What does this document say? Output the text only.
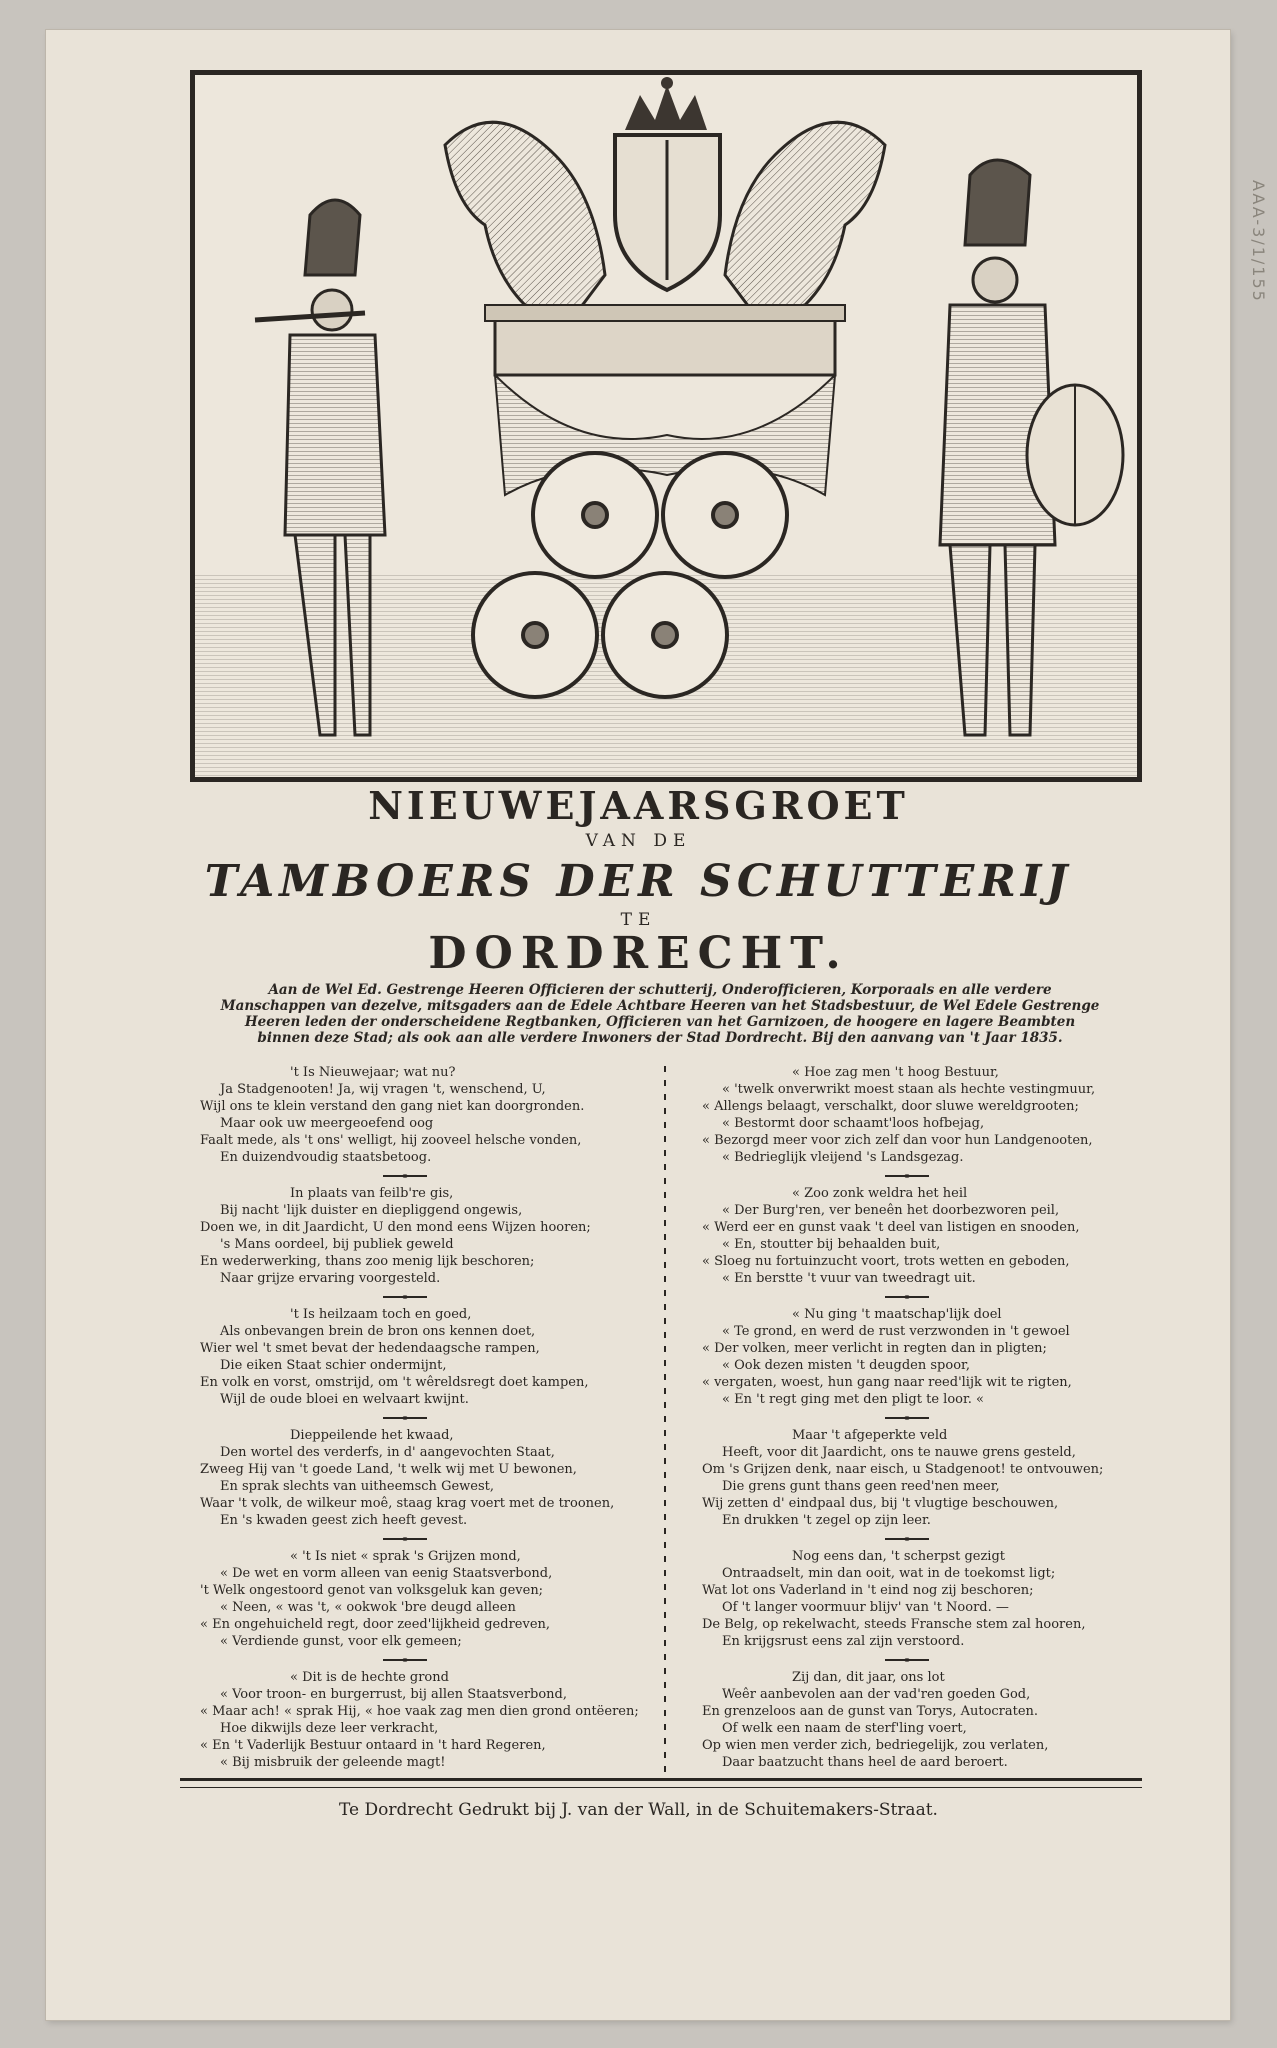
AAA-3/1/155
NIEUWEJAARSGROET
VAN DE
TAMBOERS DER SCHUTTERIJ
TE
DORDRECHT.
Aan de Wel Ed. Gestrenge Heeren Officieren der schutterij, Onderofficieren, Korporaals en alle verdere Manschappen van dezelve, mitsgaders aan de Edele Achtbare Heeren van het Stadsbestuur, de Wel Edele Gestrenge Heeren leden der onderscheidene Regtbanken, Officieren van het Garnizoen, de hoogere en lagere Beambten binnen deze Stad; als ook aan alle verdere Inwoners der Stad Dordrecht. Bij den aanvang van 't Jaar 1835.
't Is Nieuwejaar; wat nu?
Ja Stadgenooten! Ja, wij vragen 't, wenschend, U,
Wijl ons te klein verstand den gang niet kan doorgronden.
Maar ook uw meergeoefend oog
Faalt mede, als 't ons' welligt, hij zooveel helsche vonden,
En duizendvoudig staatsbetoog.
In plaats van feilb're gis,
Bij nacht 'lijk duister en diepliggend ongewis,
Doen we, in dit Jaardicht, U den mond eens Wijzen hooren;
's Mans oordeel, bij publiek geweld
En wederwerking, thans zoo menig lijk beschoren;
Naar grijze ervaring voorgesteld.
't Is heilzaam toch en goed,
Als onbevangen brein de bron ons kennen doet,
Wier wel 't smet bevat der hedendaagsche rampen,
Die eiken Staat schier ondermijnt,
En volk en vorst, omstrijd, om 't wêreldsregt doet kampen,
Wijl de oude bloei en welvaart kwijnt.
Dieppeilende het kwaad,
Den wortel des verderfs, in d' aangevochten Staat,
Zweeg Hij van 't goede Land, 't welk wij met U bewonen,
En sprak slechts van uitheemsch Gewest,
Waar 't volk, de wilkeur moê, staag krag voert met de troonen,
En 's kwaden geest zich heeft gevest.
« 't Is niet « sprak 's Grijzen mond,
« De wet en vorm alleen van eenig Staatsverbond,
't Welk ongestoord genot van volksgeluk kan geven;
« Neen, « was 't, « ookwok 'bre deugd alleen
« En ongehuicheld regt, door zeed'lijkheid gedreven,
« Verdiende gunst, voor elk gemeen;
« Dit is de hechte grond
« Voor troon- en burgerrust, bij allen Staatsverbond,
« Maar ach! « sprak Hij, « hoe vaak zag men dien grond ontëeren;
Hoe dikwijls deze leer verkracht,
« En 't Vaderlijk Bestuur ontaard in 't hard Regeren,
« Bij misbruik der geleende magt!
« Hoe zag men 't hoog Bestuur,
« 'twelk onverwrikt moest staan als hechte vestingmuur,
« Allengs belaagt, verschalkt, door sluwe wereldgrooten;
« Bestormt door schaamt'loos hofbejag,
« Bezorgd meer voor zich zelf dan voor hun Landgenooten,
« Bedrieglijk vleijend 's Landsgezag.
« Zoo zonk weldra het heil
« Der Burg'ren, ver beneên het doorbezworen peil,
« Werd eer en gunst vaak 't deel van listigen en snooden,
« En, stoutter bij behaalden buit,
« Sloeg nu fortuinzucht voort, trots wetten en geboden,
« En berstte 't vuur van tweedragt uit.
« Nu ging 't maatschap'lijk doel
« Te grond, en werd de rust verzwonden in 't gewoel
« Der volken, meer verlicht in regten dan in pligten;
« Ook dezen misten 't deugden spoor,
« vergaten, woest, hun gang naar reed'lijk wit te rigten,
« En 't regt ging met den pligt te loor. «
Maar 't afgeperkte veld
Heeft, voor dit Jaardicht, ons te nauwe grens gesteld,
Om 's Grijzen denk, naar eisch, u Stadgenoot! te ontvouwen;
Die grens gunt thans geen reed'nen meer,
Wij zetten d' eindpaal dus, bij 't vlugtige beschouwen,
En drukken 't zegel op zijn leer.
Nog eens dan, 't scherpst gezigt
Ontraadselt, min dan ooit, wat in de toekomst ligt;
Wat lot ons Vaderland in 't eind nog zij beschoren;
Of 't langer voormuur blijv' van 't Noord. —
De Belg, op rekelwacht, steeds Fransche stem zal hooren,
En krijgsrust eens zal zijn verstoord.
Zij dan, dit jaar, ons lot
Weêr aanbevolen aan der vad'ren goeden God,
En grenzeloos aan de gunst van Torys, Autocraten.
Of welk een naam de sterf'ling voert,
Op wien men verder zich, bedriegelijk, zou verlaten,
Daar baatzucht thans heel de aard beroert.
Te Dordrecht Gedrukt bij J. van der Wall, in de Schuitemakers-Straat.
